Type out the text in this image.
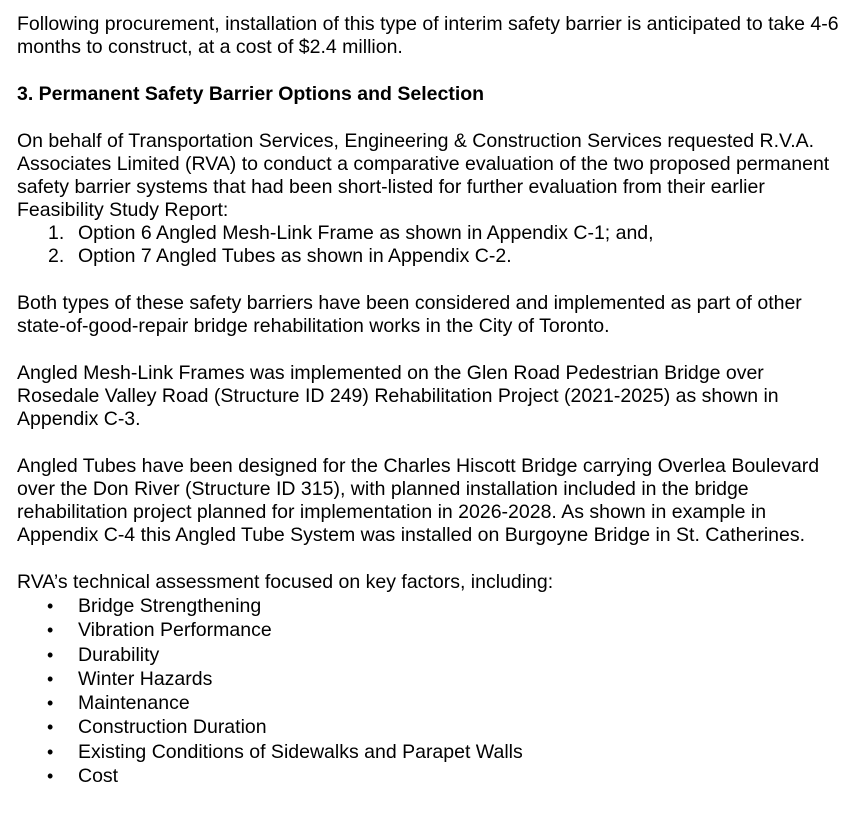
Following procurement, installation of this type of interim safety barrier is anticipated to take 4-6 months to construct, at a cost of $2.4 million.

3. Permanent Safety Barrier Options and Selection

On behalf of Transportation Services, Engineering & Construction Services requested R.V.A. Associates Limited (RVA) to conduct a comparative evaluation of the two proposed permanent safety barrier systems that had been short-listed for further evaluation from their earlier Feasibility Study Report:

1. Option 6 Angled Mesh-Link Frame as shown in Appendix C-1; and,
2. Option 7 Angled Tubes as shown in Appendix C-2.

Both types of these safety barriers have been considered and implemented as part of other state-of-good-repair bridge rehabilitation works in the City of Toronto.

Angled Mesh-Link Frames was implemented on the Glen Road Pedestrian Bridge over Rosedale Valley Road (Structure ID 249) Rehabilitation Project (2021-2025) as shown in Appendix C-3.

Angled Tubes have been designed for the Charles Hiscott Bridge carrying Overlea Boulevard over the Don River (Structure ID 315), with planned installation included in the bridge rehabilitation project planned for implementation in 2026-2028. As shown in example in Appendix C-4 this Angled Tube System was installed on Burgoyne Bridge in St. Catherines.

RVA’s technical assessment focused on key factors, including:

• Bridge Strengthening
• Vibration Performance
• Durability
• Winter Hazards
• Maintenance
• Construction Duration
• Existing Conditions of Sidewalks and Parapet Walls
• Cost
